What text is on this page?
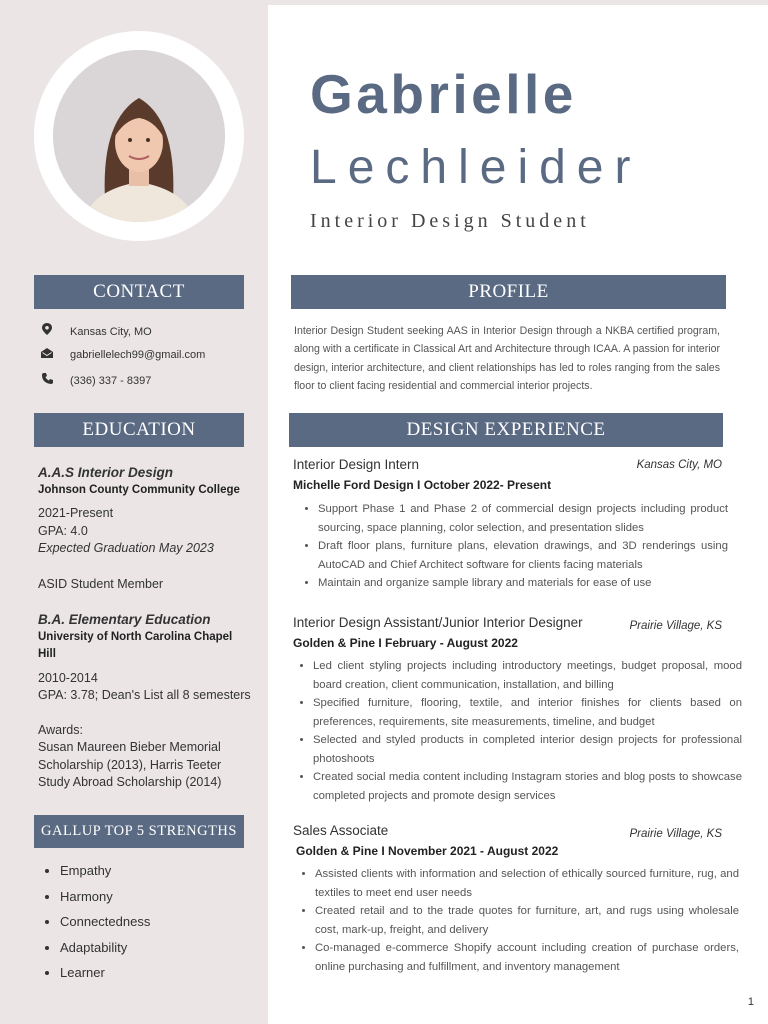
CONTACT
Kansas City, MO
gabriellelech99@gmail.com
(336) 337 - 8397
EDUCATION
A.A.S Interior Design
Johnson County Community College
2021-Present
GPA: 4.0
Expected Graduation May 2023
ASID Student Member
B.A. Elementary Education
University of North Carolina Chapel Hill
2010-2014
GPA: 3.78; Dean's List all 8 semesters
Awards:
Susan Maureen Bieber Memorial Scholarship (2013), Harris Teeter Study Abroad Scholarship (2014)
GALLUP TOP 5 STRENGTHS
• Empathy
• Harmony
• Connectedness
• Adaptability
• Learner
Gabrielle
Lechleider
Interior Design Student
PROFILE
Interior Design Student seeking AAS in Interior Design through a NKBA certified program, along with a certificate in Classical Art and Architecture through ICAA. A passion for interior design, interior architecture, and client relationships has led to roles ranging from the sales floor to client facing residential and commercial interior projects.
DESIGN EXPERIENCE
Interior Design Intern	Kansas City, MO
Michelle Ford Design I October 2022- Present
• Support Phase 1 and Phase 2 of commercial design projects including product sourcing, space planning, color selection, and presentation slides
• Draft floor plans, furniture plans, elevation drawings, and 3D renderings using AutoCAD and Chief Architect software for clients facing materials
• Maintain and organize sample library and materials for ease of use
Interior Design Assistant/Junior Interior Designer	Prairie Village, KS
Golden & Pine I February - August 2022
• Led client styling projects including introductory meetings, budget proposal, mood board creation, client communication, installation, and billing
• Specified furniture, flooring, textile, and interior finishes for clients based on preferences, requirements, site measurements, timeline, and budget
• Selected and styled products in completed interior design projects for professional photoshoots
• Created social media content including Instagram stories and blog posts to showcase completed projects and promote design services
Sales Associate	Prairie Village, KS
Golden & Pine I November 2021 - August 2022
• Assisted clients with information and selection of ethically sourced furniture, rug, and textiles to meet end user needs
• Created retail and to the trade quotes for furniture, art, and rugs using wholesale cost, mark-up, freight, and delivery
• Co-managed e-commerce Shopify account including creation of purchase orders, online purchasing and fulfillment, and inventory management
1
